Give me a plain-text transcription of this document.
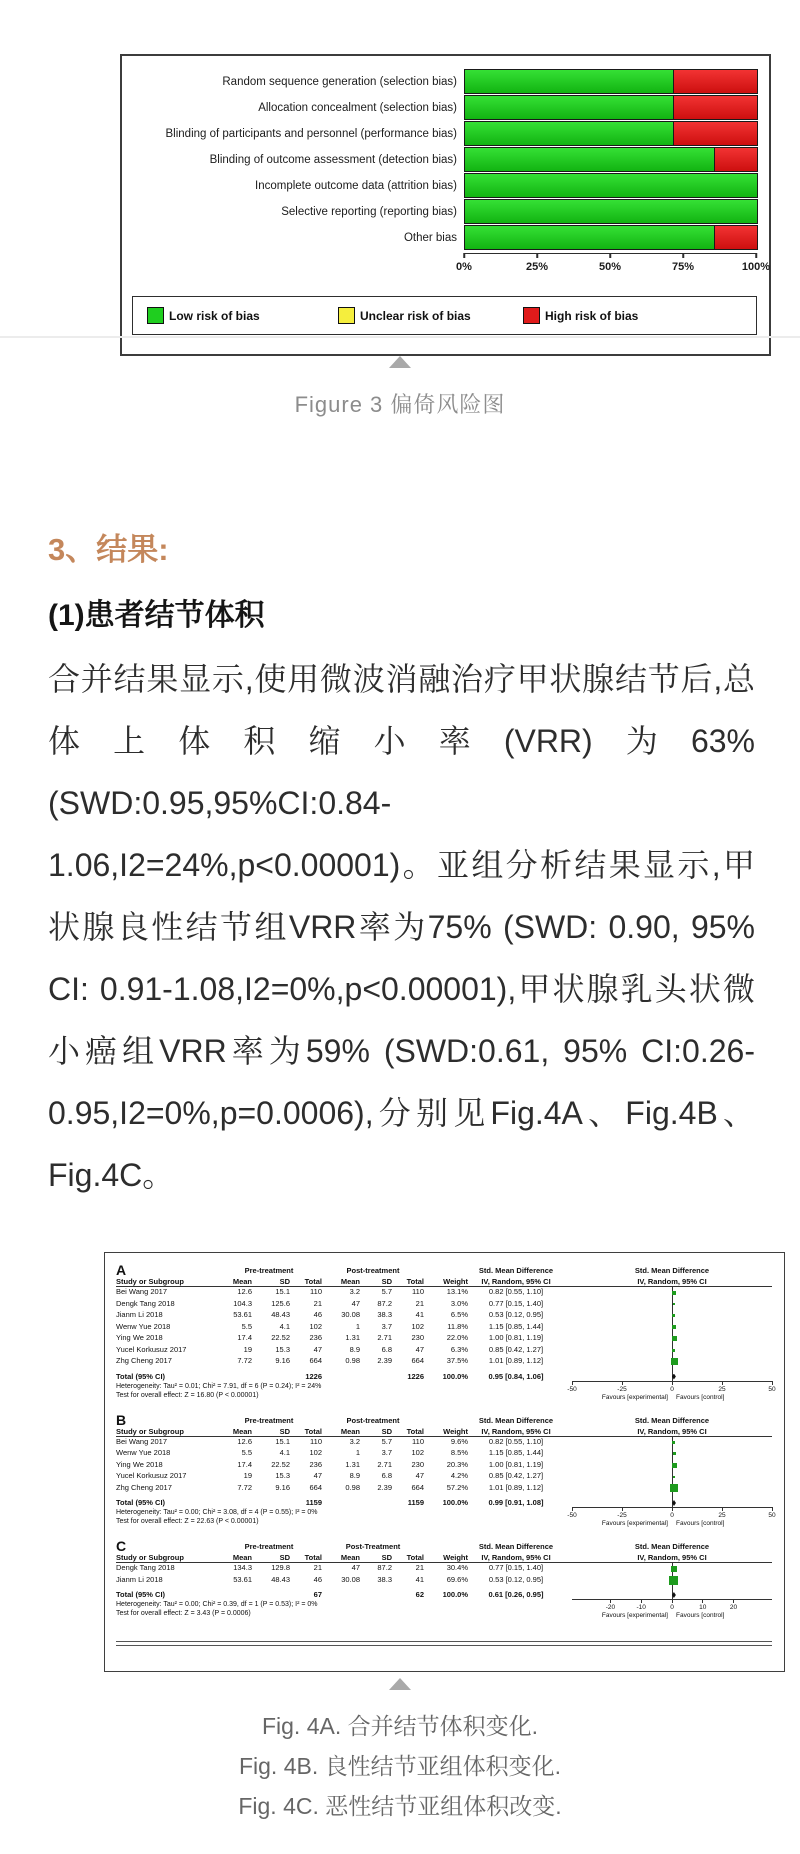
Random sequence generation (selection bias)
Allocation concealment (selection bias)
Blinding of participants and personnel (performance bias)
Blinding of outcome assessment (detection bias)
Incomplete outcome data (attrition bias)
Selective reporting (reporting bias)
Other bias
0%	25%	50%	75%	100%
Low risk of bias	Unclear risk of bias	High risk of bias
Figure 3 偏倚风险图
3、结果:
(1)患者结节体积

合并结果显示,使用微波消融治疗甲状腺结节后,总体上体积缩小率(VRR)为63%(SWD:0.95,95%CI:0.84-1.06,I2=24%,p<0.00001)。亚组分析结果显示,甲状腺良性结节组VRR率为75% (SWD: 0.90, 95% CI: 0.91-1.08,I2=0%,p<0.00001),甲状腺乳头状微小癌组VRR率为59% (SWD:0.61, 95% CI:0.26-0.95,I2=0%,p=0.0006),分别见Fig.4A、Fig.4B、Fig.4C。

A	Pre-treatment	Post-treatment	Std. Mean Difference
Study or Subgroup	Mean	SD	Total	Mean	SD	Total	Weight	IV, Random, 95% CI
Bei Wang 2017	12.6	15.1	110	3.2	5.7	110	13.1%	0.82 [0.55, 1.10]
Dengk Tang 2018	104.3	125.6	21	47	87.2	21	3.0%	0.77 [0.15, 1.40]
Jianm Li 2018	53.61	48.43	46	30.08	38.3	41	6.5%	0.53 [0.12, 0.95]
Wenw Yue 2018	5.5	4.1	102	1	3.7	102	11.8%	1.15 [0.85, 1.44]
Ying We 2018	17.4	22.52	236	1.31	2.71	230	22.0%	1.00 [0.81, 1.19]
Yucel Korkusuz 2017	19	15.3	47	8.9	6.8	47	6.3%	0.85 [0.42, 1.27]
Zhg Cheng 2017	7.72	9.16	664	0.98	2.39	664	37.5%	1.01 [0.89, 1.12]
Total (95% CI)	1226	1226	100.0%	0.95 [0.84, 1.06]
Heterogeneity: Tau² = 0.01; Chi² = 7.91, df = 6 (P = 0.24); I² = 24%
Test for overall effect: Z = 16.80 (P < 0.00001)
Std. Mean Difference
IV, Random, 95% CI
-50	-25	0	25	50
Favours [experimental] Favours [control]
B	Pre-treatment	Post-treatment	Std. Mean Difference
Study or Subgroup	Mean	SD	Total	Mean	SD	Total	Weight	IV, Random, 95% CI
Bei Wang 2017	12.6	15.1	110	3.2	5.7	110	9.6%	0.82 [0.55, 1.10]
Wenw Yue 2018	5.5	4.1	102	1	3.7	102	8.5%	1.15 [0.85, 1.44]
Ying We 2018	17.4	22.52	236	1.31	2.71	230	20.3%	1.00 [0.81, 1.19]
Yucel Korkusuz 2017	19	15.3	47	8.9	6.8	47	4.2%	0.85 [0.42, 1.27]
Zhg Cheng 2017	7.72	9.16	664	0.98	2.39	664	57.2%	1.01 [0.89, 1.12]
Total (95% CI)	1159	1159	100.0%	0.99 [0.91, 1.08]
Heterogeneity: Tau² = 0.00; Chi² = 3.08, df = 4 (P = 0.55); I² = 0%
Test for overall effect: Z = 22.63 (P < 0.00001)
Std. Mean Difference
IV, Random, 95% CI
-50	-25	0	25	50
Favours [experimental] Favours [control]
C	Pre-treatment	Post-Treatment	Std. Mean Difference
Study or Subgroup	Mean	SD	Total	Mean	SD	Total	Weight	IV, Random, 95% CI
Dengk Tang 2018	134.3	129.8	21	47	87.2	21	30.4%	0.77 [0.15, 1.40]
Jianm Li 2018	53.61	48.43	46	30.08	38.3	41	69.6%	0.53 [0.12, 0.95]
Total (95% CI)	67	62	100.0%	0.61 [0.26, 0.95]
Heterogeneity: Tau² = 0.00; Chi² = 0.39, df = 1 (P = 0.53); I² = 0%
Test for overall effect: Z = 3.43 (P = 0.0006)
Std. Mean Difference
IV, Random, 95% CI
-20	-10	0	10	20
Favours [experimental] Favours [control]
Fig. 4A. 合并结节体积变化.
Fig. 4B. 良性结节亚组体积变化.
Fig. 4C. 恶性结节亚组体积改变.
